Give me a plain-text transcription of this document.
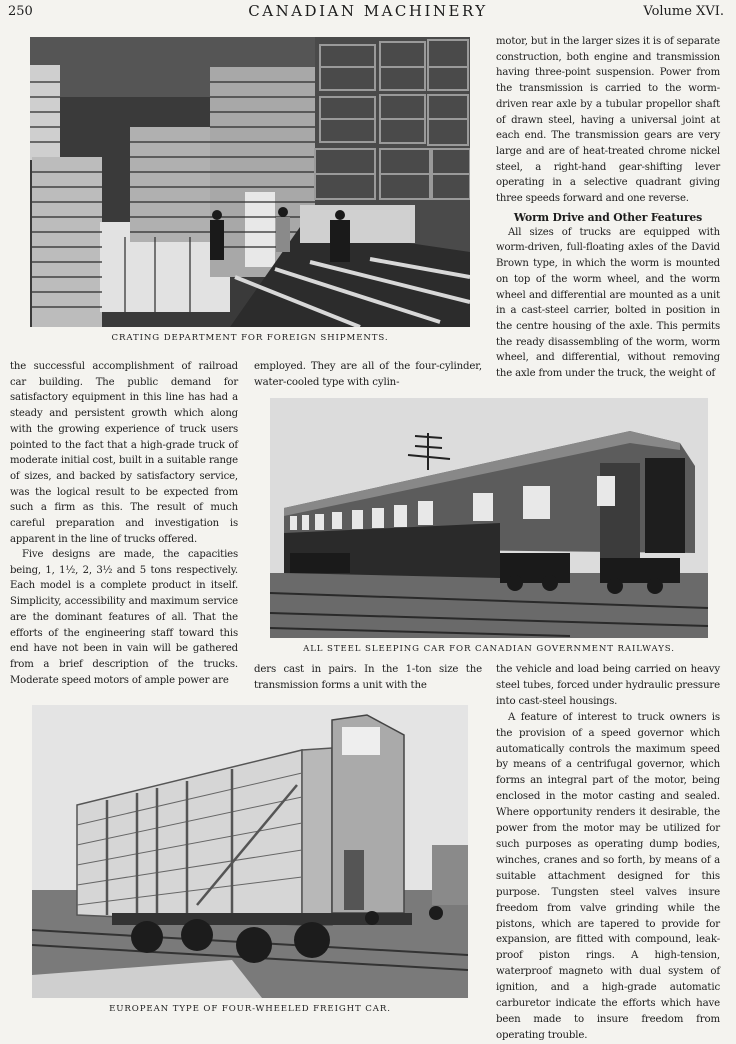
250	CANADIAN MACHINERY	Volume XVI.
CRATING DEPARTMENT FOR FOREIGN SHIPMENTS.

motor, but in the larger sizes it is of separate construction, both engine and transmission having three-point suspension. Power from the transmission is carried to the worm-driven rear axle by a tubular propellor shaft of drawn steel, having a universal joint at each end. The transmission gears are very large and are of heat-treated chrome nickel steel, a right-hand gear-shifting lever operating in a selective quadrant giving three speeds forward and one reverse.

Worm Drive and Other Features

All sizes of trucks are equipped with worm-driven, full-floating axles of the David Brown type, in which the worm is mounted on top of the worm wheel, and the worm wheel and differential are mounted as a unit in a cast-steel carrier, bolted in position in the centre housing of the axle. This permits the ready disassembling of the worm, worm wheel, and differential, without removing the axle from under the truck, the weight of

the successful accomplishment of railroad car building. The public demand for satisfactory equipment in this line has had a steady and persistent growth which along with the growing experience of truck users pointed to the fact that a high-grade truck of moderate initial cost, built in a suitable range of sizes, and backed by satisfactory service, was the logical result to be expected from such a firm as this. The result of much careful preparation and investigation is apparent in the line of trucks offered.

Five designs are made, the capacities being, 1, 1½, 2, 3½ and 5 tons respectively. Each model is a complete product in itself. Simplicity, accessibility and maximum service are the dominant features of all. That the efforts of the engineering staff toward this end have not been in vain will be gathered from a brief description of the trucks. Moderate speed motors of ample power are

employed. They are all of the four-cylinder, water-cooled type with cylin-

ALL STEEL SLEEPING CAR FOR CANADIAN GOVERNMENT RAILWAYS.

ders cast in pairs. In the 1-ton size the transmission forms a unit with the

the vehicle and load being carried on heavy steel tubes, forced under hydraulic pressure into cast-steel housings.

A feature of interest to truck owners is the provision of a speed governor which automatically controls the maximum speed by means of a centrifugal governor, which forms an integral part of the motor, being enclosed in the motor casting and sealed. Where opportunity renders it desirable, the power from the motor may be utilized for such purposes as operating dump bodies, winches, cranes and so forth, by means of a suitable attachment designed for this purpose. Tungsten steel valves insure freedom from valve grinding while the pistons, which are tapered to provide for expansion, are fitted with compound, leak-proof piston rings. A high-tension, waterproof magneto with dual system of ignition, and a high-grade automatic carburetor indicate the efforts which have been made to insure freedom from operating trouble.

EUROPEAN TYPE OF FOUR-WHEELED FREIGHT CAR.
